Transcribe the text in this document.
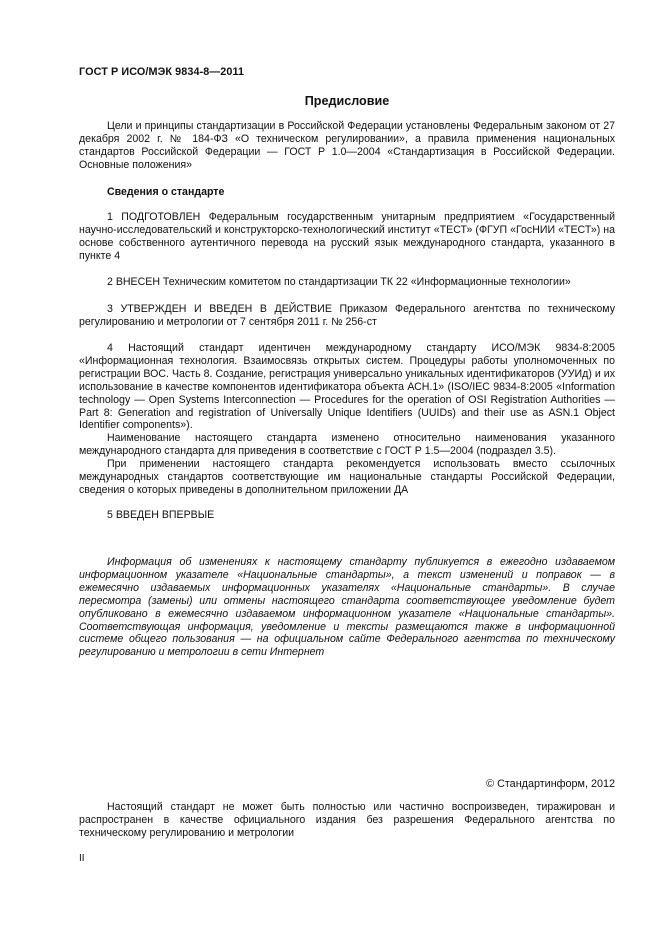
ГОСТ Р ИСО/МЭК 9834-8—2011
Предисловие

Цели и принципы стандартизации в Российской Федерации установлены Федеральным законом от 27 декабря 2002 г. № 184-ФЗ «О техническом регулировании», а правила применения национальных стандартов Российской Федерации — ГОСТ Р 1.0—2004 «Стандартизация в Российской Федерации. Основные положения»

Сведения о стандарте

1 ПОДГОТОВЛЕН Федеральным государственным унитарным предприятием «Государственный научно-исследовательский и конструкторско-технологический институт «ТЕСТ» (ФГУП «ГосНИИ «ТЕСТ») на основе собственного аутентичного перевода на русский язык международного стандарта, указанного в пункте 4

2 ВНЕСЕН Техническим комитетом по стандартизации ТК 22 «Информационные технологии»

3 УТВЕРЖДЕН И ВВЕДЕН В ДЕЙСТВИЕ Приказом Федерального агентства по техническому регулированию и метрологии от 7 сентября 2011 г. № 256-ст

4 Настоящий стандарт идентичен международному стандарту ИСО/МЭК 9834-8:2005 «Информационная технология. Взаимосвязь открытых систем. Процедуры работы уполномоченных по регистрации ВОС. Часть 8. Создание, регистрация универсально уникальных идентификаторов (УУИд) и их использование в качестве компонентов идентификатора объекта АСН.1» (ISO/IEC 9834-8:2005 «Information technology — Open Systems Interconnection — Procedures for the operation of OSI Registration Authorities — Part 8: Generation and registration of Universally Unique Identifiers (UUIDs) and their use as ASN.1 Object Identifier components»).

Наименование настоящего стандарта изменено относительно наименования указанного международного стандарта для приведения в соответствие с ГОСТ Р 1.5—2004 (подраздел 3.5).

При применении настоящего стандарта рекомендуется использовать вместо ссылочных международных стандартов соответствующие им национальные стандарты Российской Федерации, сведения о которых приведены в дополнительном приложении ДА

5 ВВЕДЕН ВПЕРВЫЕ

Информация об изменениях к настоящему стандарту публикуется в ежегодно издаваемом информационном указателе «Национальные стандарты», а текст изменений и поправок — в ежемесячно издаваемых информационных указателях «Национальные стандарты». В случае пересмотра (замены) или отмены настоящего стандарта соответствующее уведомление будет опубликовано в ежемесячно издаваемом информационном указателе «Национальные стандарты». Соответствующая информация, уведомление и тексты размещаются также в информационной системе общего пользования — на официальном сайте Федерального агентства по техническому регулированию и метрологии в сети Интернет

© Стандартинформ, 2012

Настоящий стандарт не может быть полностью или частично воспроизведен, тиражирован и распространен в качестве официального издания без разрешения Федерального агентства по техническому регулированию и метрологии

II
